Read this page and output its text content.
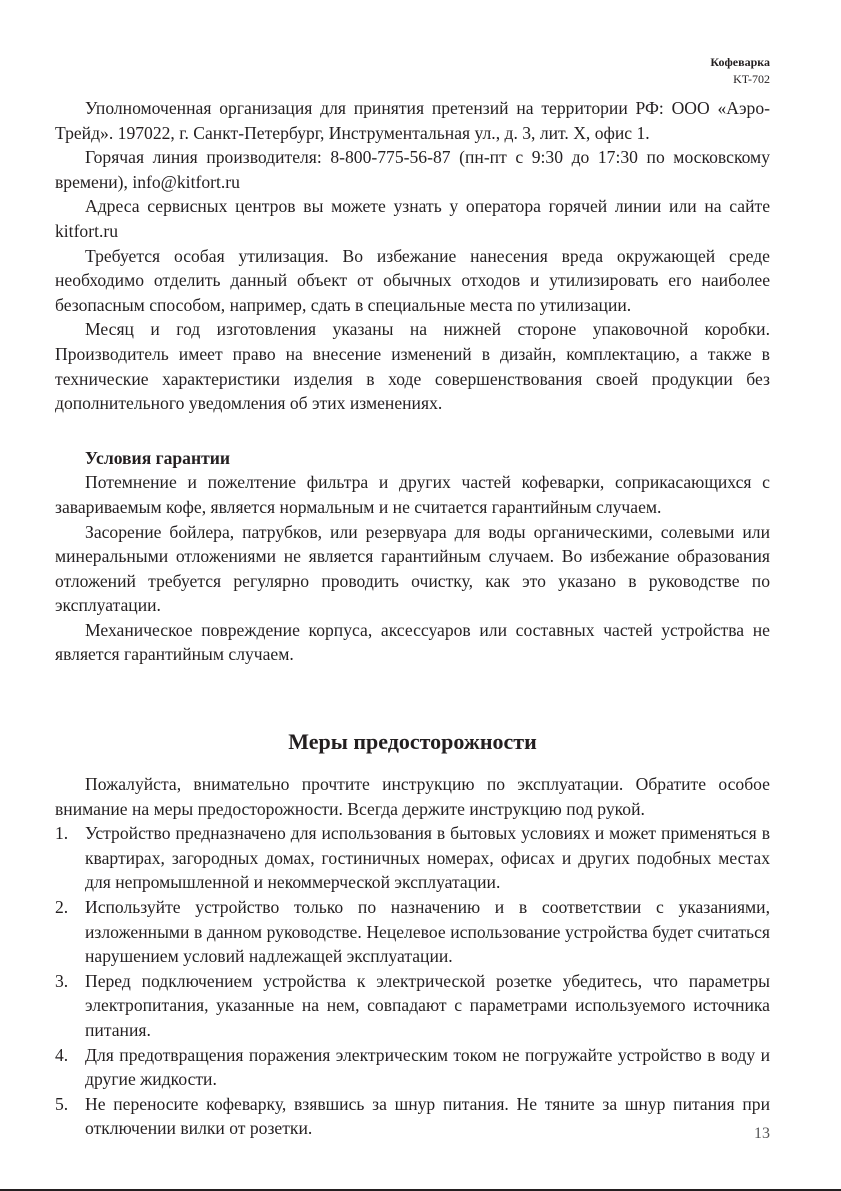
Кофеварка
KT-702

Уполномоченная организация для принятия претензий на территории РФ: ООО «Аэро-Трейд». 197022, г. Санкт-Петербург, Инструментальная ул., д. 3, лит. Х, офис 1.

Горячая линия производителя: 8-800-775-56-87 (пн-пт с 9:30 до 17:30 по московскому времени), info@kitfort.ru

Адреса сервисных центров вы можете узнать у оператора горячей линии или на сайте kitfort.ru

Требуется особая утилизация. Во избежание нанесения вреда окружающей среде необходимо отделить данный объект от обычных отходов и утилизировать его наиболее безопасным способом, например, сдать в специальные места по утилизации.

Месяц и год изготовления указаны на нижней стороне упаковочной коробки. Производитель имеет право на внесение изменений в дизайн, комплектацию, а также в технические характеристики изделия в ходе совершенствования своей продукции без дополнительного уведомления об этих изменениях.

Условия гарантии

Потемнение и пожелтение фильтра и других частей кофеварки, соприкасающихся с завариваемым кофе, является нормальным и не считается гарантийным случаем.

Засорение бойлера, патрубков, или резервуара для воды органическими, солевыми или минеральными отложениями не является гарантийным случаем. Во избежание образования отложений требуется регулярно проводить очистку, как это указано в руководстве по эксплуатации.

Механическое повреждение корпуса, аксессуаров или составных частей устройства не является гарантийным случаем.

Меры предосторожности

Пожалуйста, внимательно прочтите инструкцию по эксплуатации. Обратите особое внимание на меры предосторожности. Всегда держите инструкцию под рукой.

1. Устройство предназначено для использования в бытовых условиях и может применяться в квартирах, загородных домах, гостиничных номерах, офисах и других подобных местах для непромышленной и некоммерческой эксплуатации.
2. Используйте устройство только по назначению и в соответствии с указаниями, изложенными в данном руководстве. Нецелевое использование устройства будет считаться нарушением условий надлежащей эксплуатации.
3. Перед подключением устройства к электрической розетке убедитесь, что параметры электропитания, указанные на нем, совпадают с параметрами используемого источника питания.
4. Для предотвращения поражения электрическим током не погружайте устройство в воду и другие жидкости.
5. Не переносите кофеварку, взявшись за шнур питания. Не тяните за шнур питания при отключении вилки от розетки.	13
